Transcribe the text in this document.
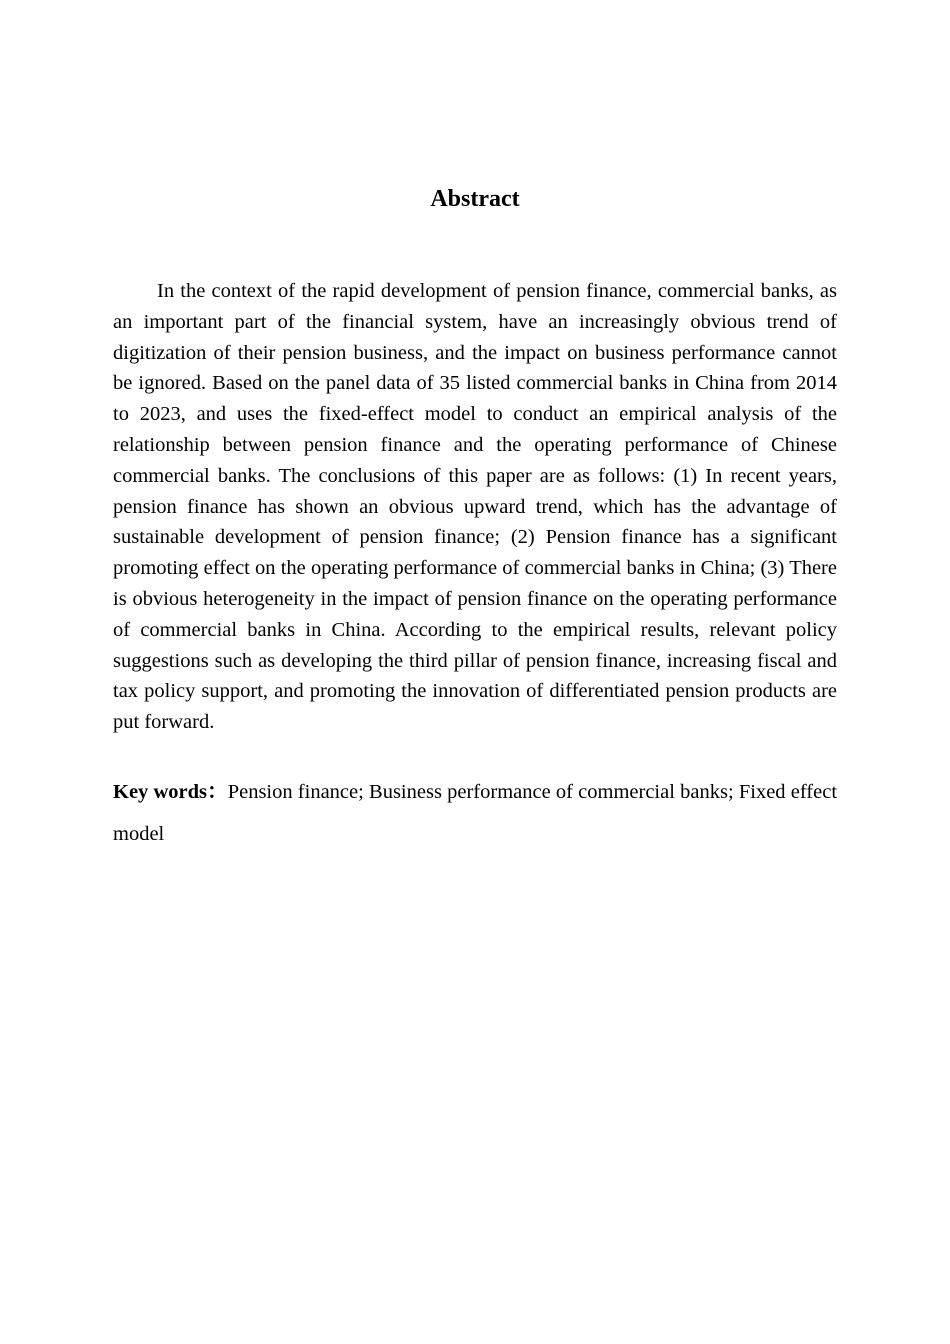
Abstract

In the context of the rapid development of pension finance, commercial banks, as an important part of the financial system, have an increasingly obvious trend of digitization of their pension business, and the impact on business performance cannot be ignored. Based on the panel data of 35 listed commercial banks in China from 2014 to 2023, and uses the fixed-effect model to conduct an empirical analysis of the relationship between pension finance and the operating performance of Chinese commercial banks. The conclusions of this paper are as follows: (1) In recent years, pension finance has shown an obvious upward trend, which has the advantage of sustainable development of pension finance; (2) Pension finance has a significant promoting effect on the operating performance of commercial banks in China; (3) There is obvious heterogeneity in the impact of pension finance on the operating performance of commercial banks in China. According to the empirical results, relevant policy suggestions such as developing the third pillar of pension finance, increasing fiscal and tax policy support, and promoting the innovation of differentiated pension products are put forward.

Key words：Pension finance; Business performance of commercial banks; Fixed effect model
